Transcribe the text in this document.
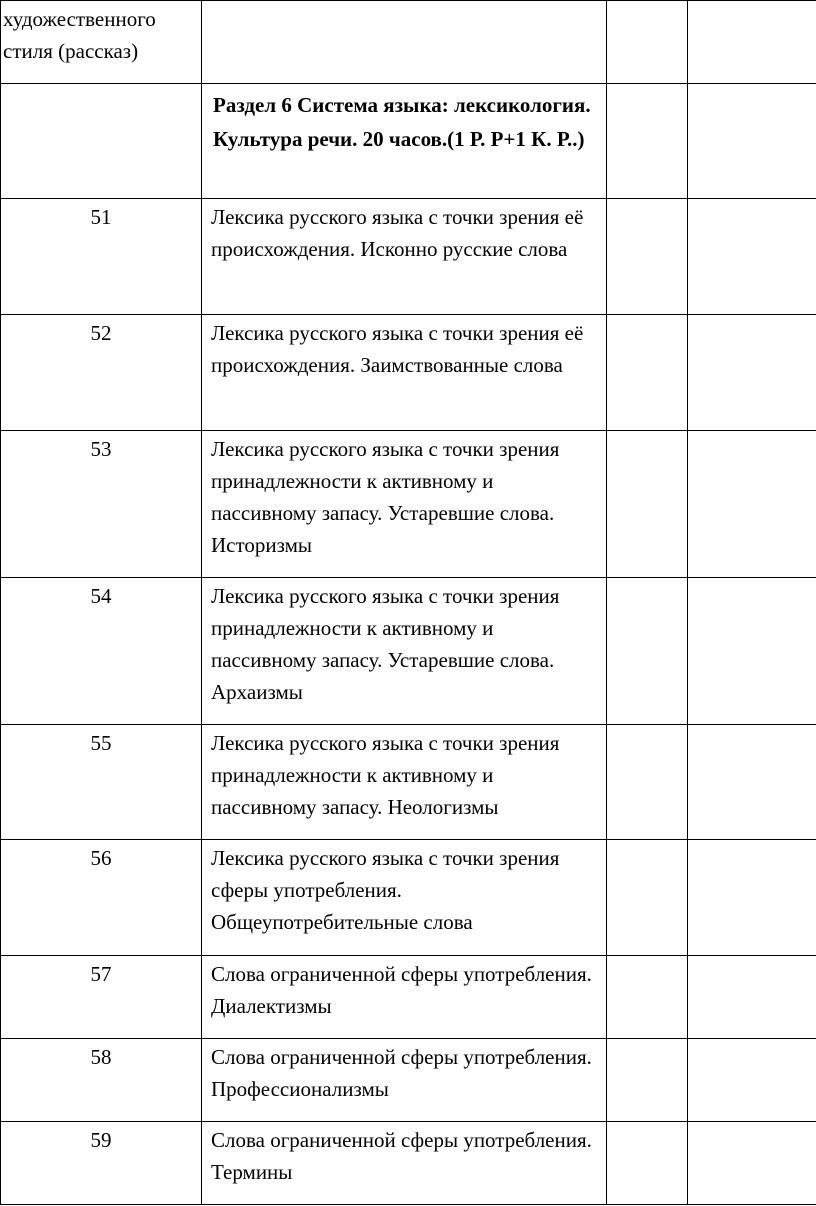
художественного
стиля (рассказ)			

	Раздел 6 Система языка: лексикология. Культура речи. 20 часов.(1 Р. Р+1 К. Р..)		
51	Лексика русского языка с точки зрения её происхождения. Исконно русские слова		
52	Лексика русского языка с точки зрения её происхождения. Заимствованные слова		
53	Лексика русского языка с точки зрения принадлежности к активному и пассивному запасу. Устаревшие слова. Историзмы		
54	Лексика русского языка с точки зрения принадлежности к активному и пассивному запасу. Устаревшие слова. Архаизмы		
55	Лексика русского языка с точки зрения принадлежности к активному и пассивному запасу. Неологизмы		
56	Лексика русского языка с точки зрения сферы употребления. Общеупотребительные слова		
57	Слова ограниченной сферы употребления. Диалектизмы		
58	Слова ограниченной сферы употребления. Профессионализмы		
59	Слова ограниченной сферы употребления. Термины		
